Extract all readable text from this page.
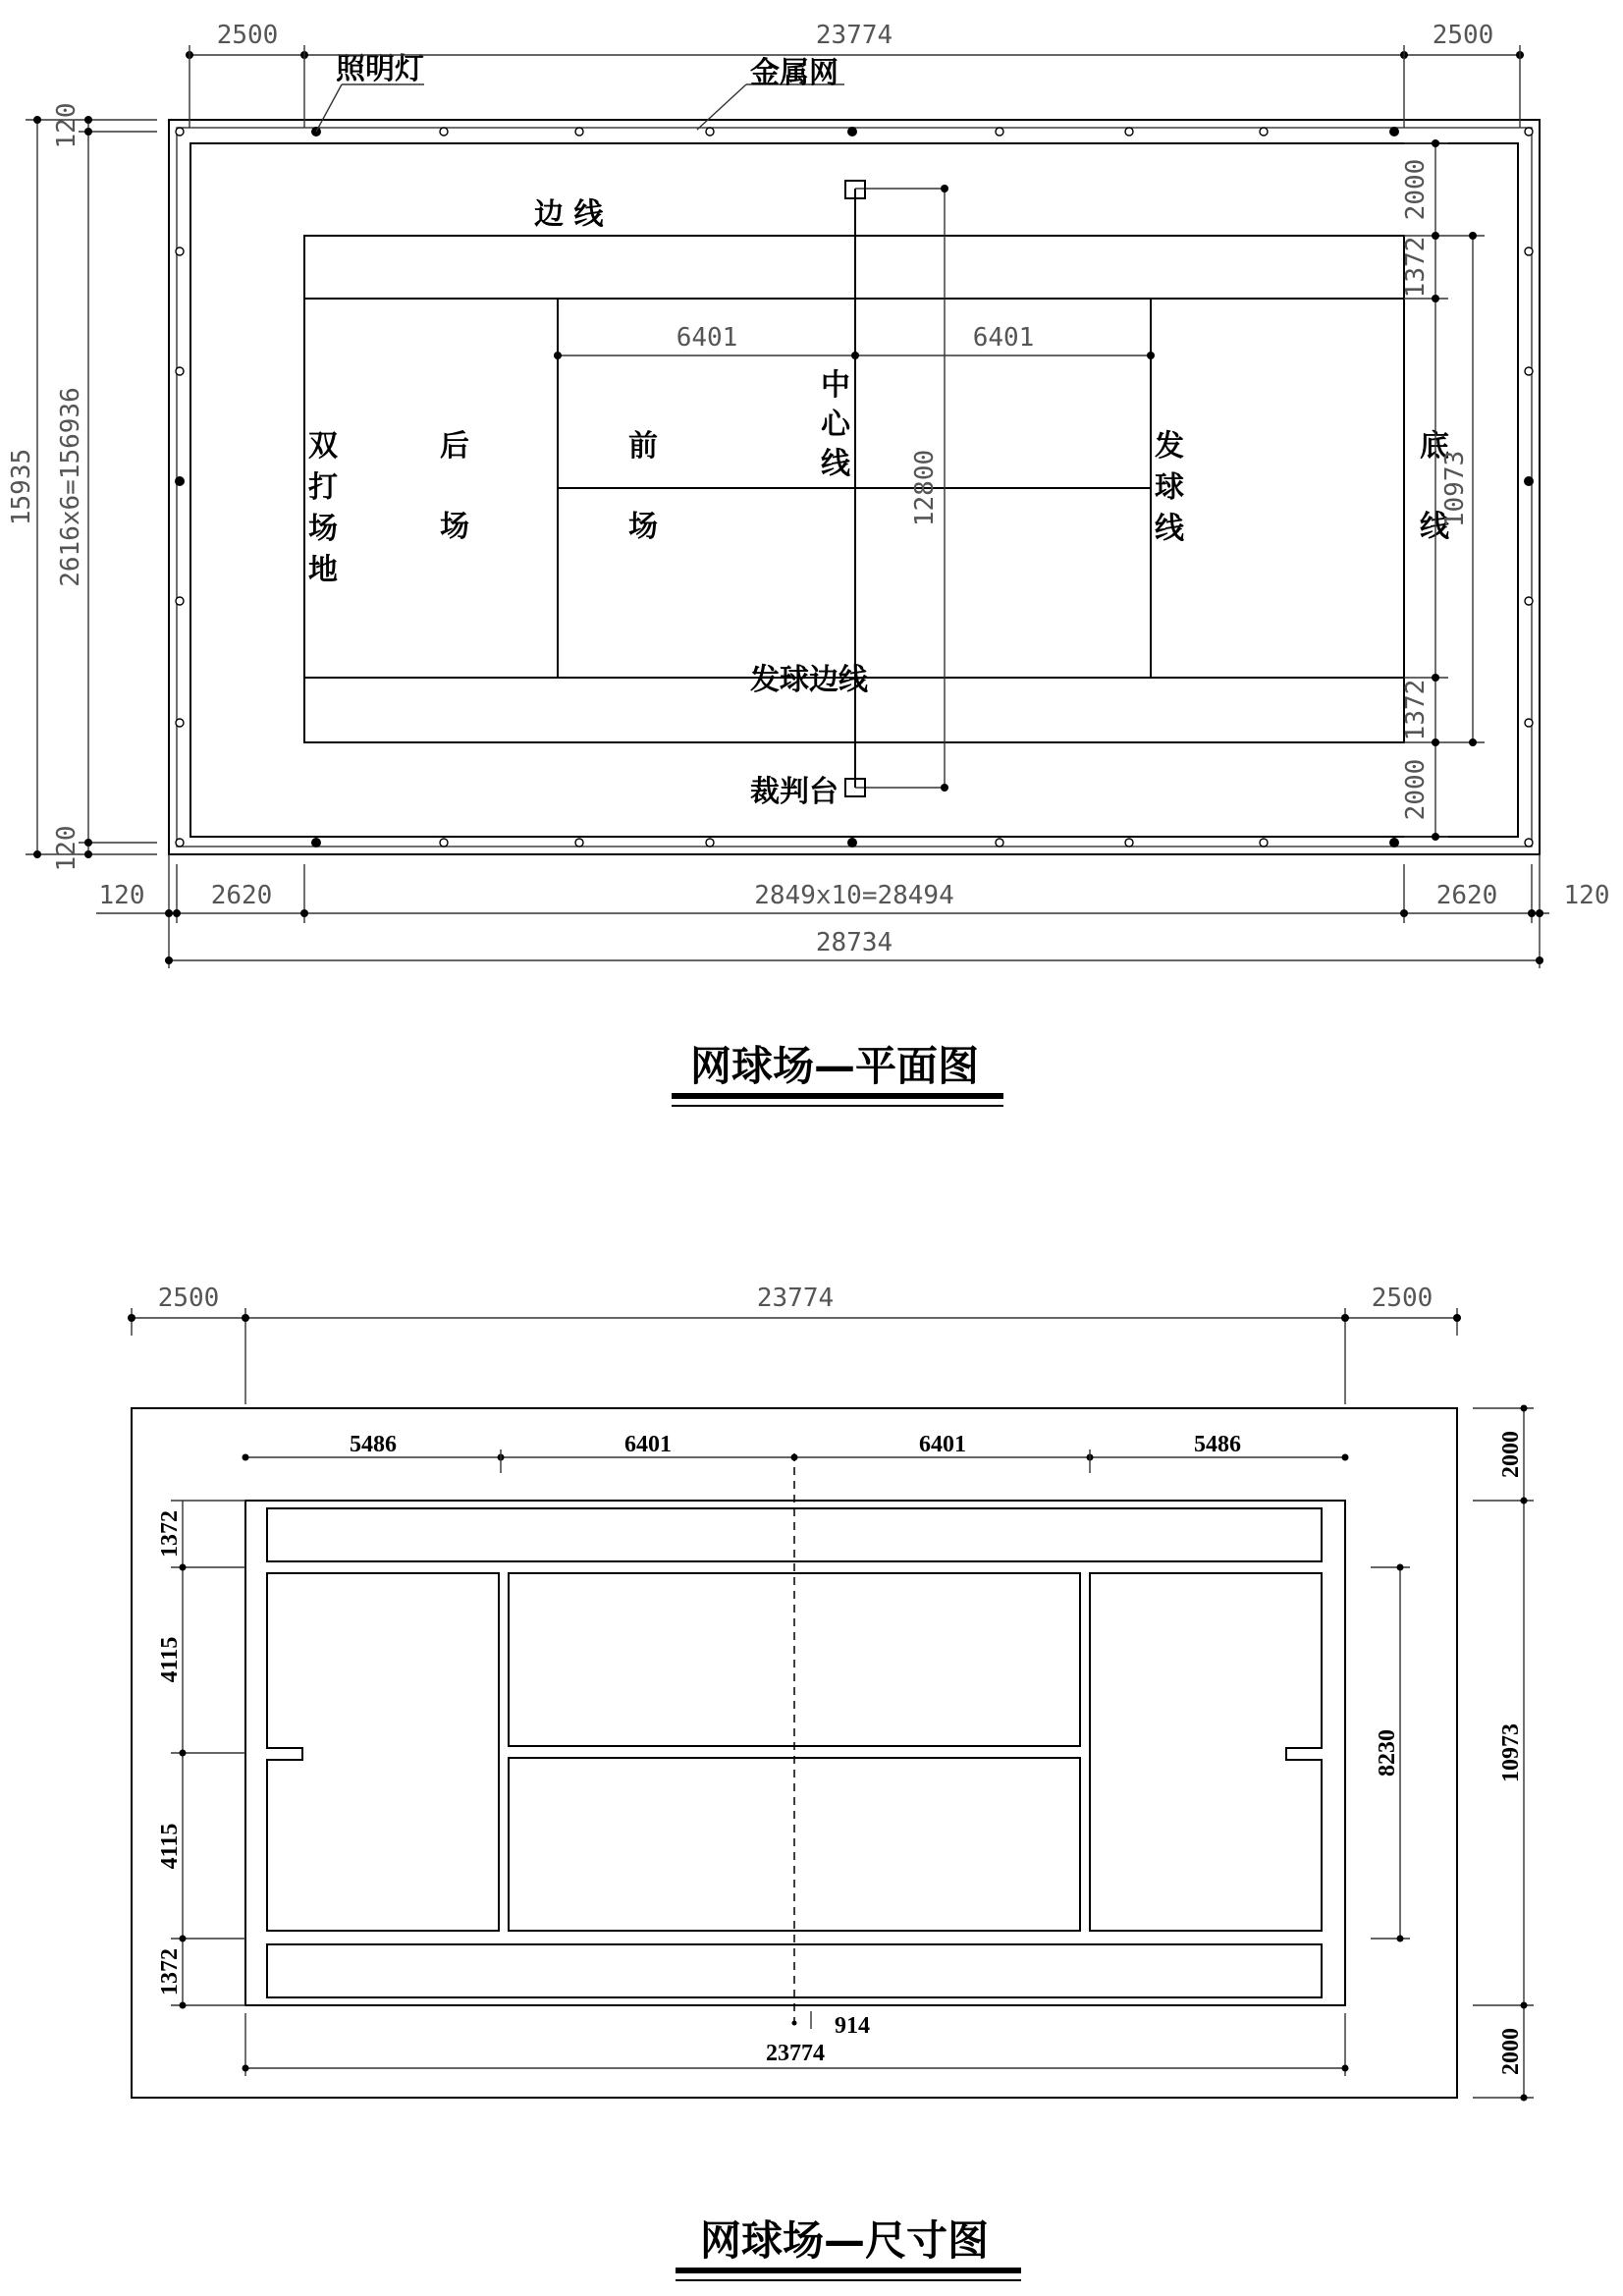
6401	6401
12800
照明灯	金属网
边 线
双
打
场
地
后
场
前
场
中
心
线
发
球
线
底
线
发球边线
裁判台
2500	23774	2500
15935 2616x6=156936
120
120
2000
1372
10973
1372
2000
120	2620	2849x10=28494	2620	120
28734
网球场—平面图
2500	23774	2500
5486	6401	6401	5486
1372
4115
4115
1372
8230
2000
10973
2000
914
23774
网球场—尺寸图
